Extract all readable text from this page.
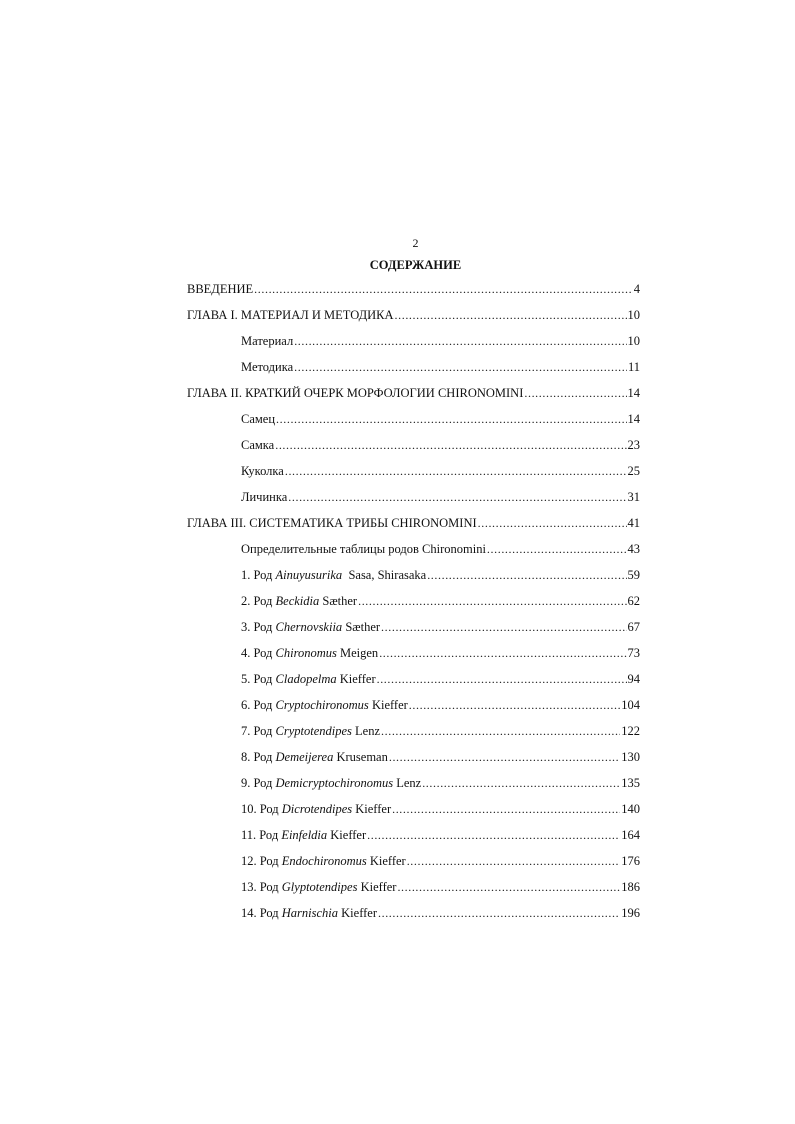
2
СОДЕРЖАНИЕ
ВВЕДЕНИЕ .....	4
ГЛАВА I. МАТЕРИАЛ И МЕТОДИКА .....	10
Материал .....	10
Методика .....	11
ГЛАВА II. КРАТКИЙ ОЧЕРК МОРФОЛОГИИ CHIRONOMINI .....	14
Самец .....	14
Самка .....	23
Куколка .....	25
Личинка .....	31
ГЛАВА III. СИСТЕМАТИКА ТРИБЫ CHIRONOMINI .....	41
Определительные таблицы родов Chironomini .....	43
1. Род Ainuyusurika  Sasa, Shirasaka .....	59
2. Род Beckidia Sæther .....	62
3. Род Chernovskiia Sæther .....	67
4. Род Chironomus Meigen .....	73
5. Род Cladopelma Kieffer .....	94
6. Род Cryptochironomus Kieffer .....	104
7. Род Cryptotendipes Lenz .....	122
8. Род Demeijerea Kruseman .....	130
9. Род Demicryptochironomus Lenz .....	135
10. Род Dicrotendipes Kieffer .....	140
11. Род Einfeldia Kieffer .....	164
12. Род Endochironomus Kieffer .....	176
13. Род Glyptotendipes Kieffer .....	186
14. Род Harnischia Kieffer .....	196
